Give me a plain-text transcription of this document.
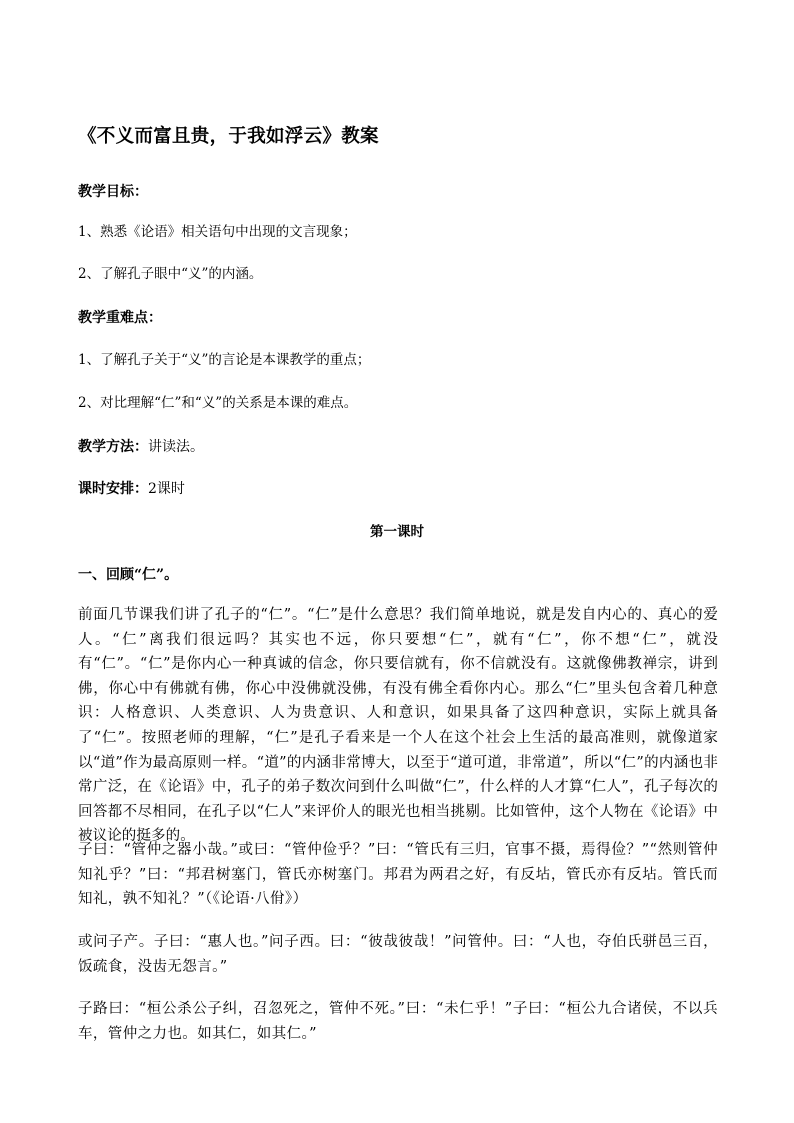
《不义而富且贵，于我如浮云》教案
教学目标：
1、熟悉《论语》相关语句中出现的文言现象；
2、了解孔子眼中“义”的内涵。
教学重难点：
1、了解孔子关于“义”的言论是本课教学的重点；
2、对比理解“仁”和“义”的关系是本课的难点。
教学方法：讲读法。
课时安排：2课时
第一课时
一、回顾“仁”。
前面几节课我们讲了孔子的“仁”。“仁”是什么意思？我们简单地说，就是发自内心的、真心的爱人。“仁”离我们很远吗？其实也不远，你只要想“仁”，就有“仁”，你不想“仁”，就没有“仁”。“仁”是你内心一种真诚的信念，你只要信就有，你不信就没有。这就像佛教禅宗，讲到佛，你心中有佛就有佛，你心中没佛就没佛，有没有佛全看你内心。那么“仁”里头包含着几种意识：人格意识、人类意识、人为贵意识、人和意识，如果具备了这四种意识，实际上就具备了“仁”。按照老师的理解，“仁”是孔子看来是一个人在这个社会上生活的最高准则，就像道家以“道”作为最高原则一样。“道”的内涵非常博大，以至于“道可道，非常道”，所以“仁”的内涵也非常广泛，在《论语》中，孔子的弟子数次问到什么叫做“仁”，什么样的人才算“仁人”，孔子每次的回答都不尽相同，在孔子以“仁人”来评价人的眼光也相当挑剔。比如管仲，这个人物在《论语》中被议论的挺多的。
子曰：“管仲之器小哉。”或曰：“管仲俭乎？”曰：“管氏有三归，官事不摄，焉得俭？”“然则管仲知礼乎？”曰：“邦君树塞门，管氏亦树塞门。邦君为两君之好，有反坫，管氏亦有反坫。管氏而知礼，孰不知礼？”（《论语·八佾》）
或问子产。子曰：“惠人也。”问子西。曰：“彼哉彼哉！”问管仲。曰：“人也，夺伯氏骈邑三百，饭疏食，没齿无怨言。”
子路曰：“桓公杀公子纠，召忽死之，管仲不死。”曰：“未仁乎！”子曰：“桓公九合诸侯，不以兵车，管仲之力也。如其仁，如其仁。”
